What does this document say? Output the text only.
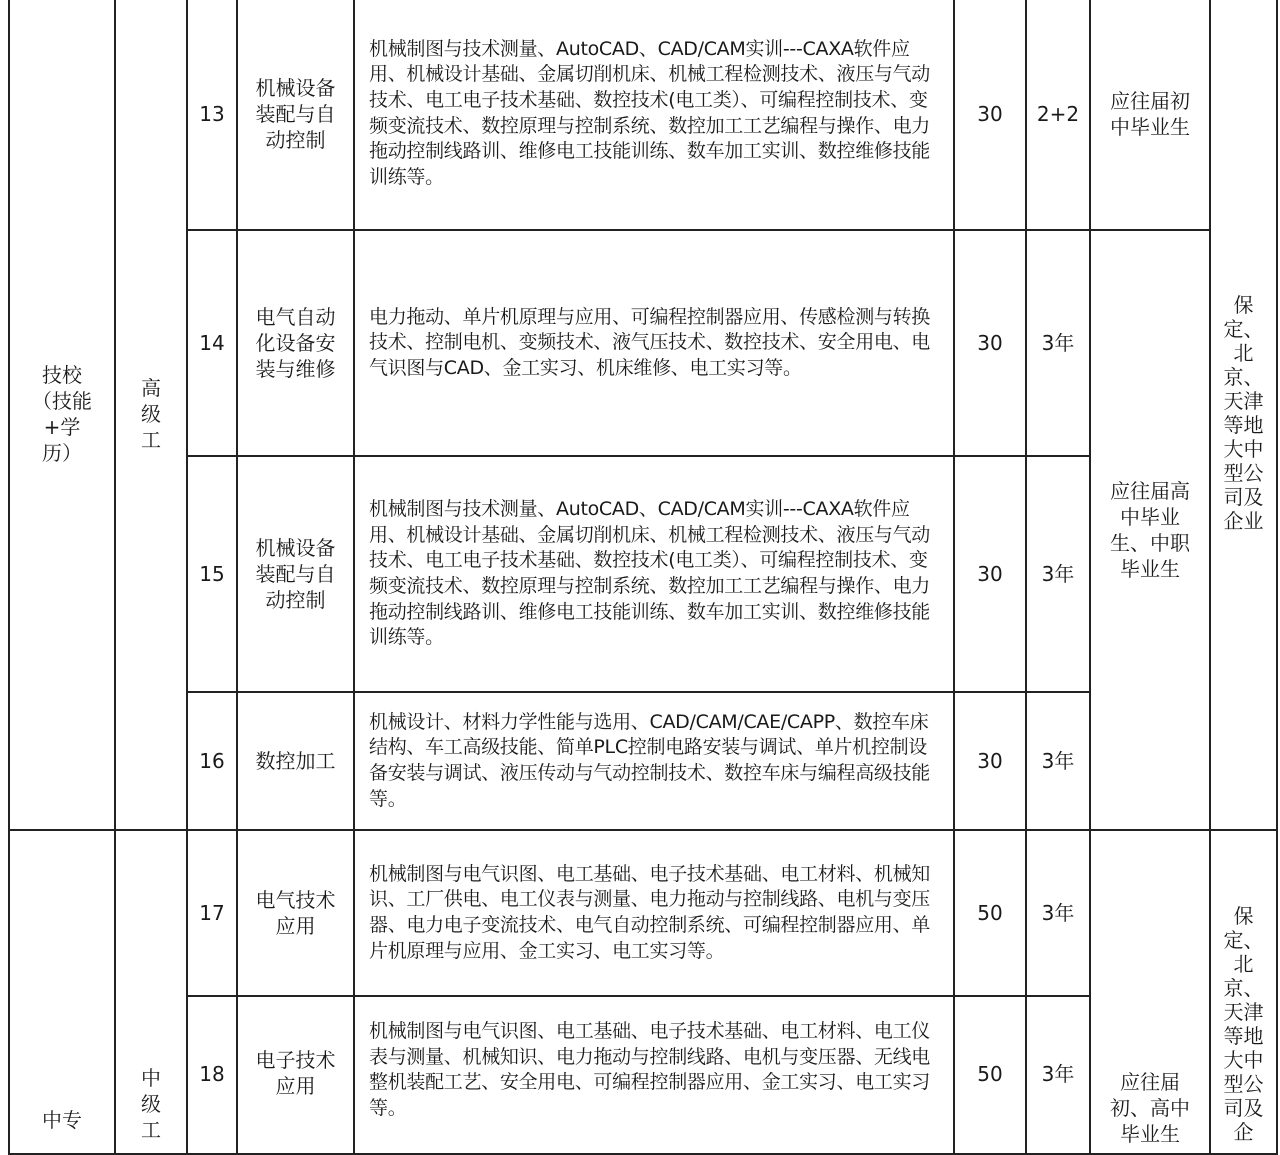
技校（技能+学历）	高级工	13	机械设备装配与自动控制	机械制图与技术测量、AutoCAD、CAD/CAM实训---CAXA软件应用、机械设计基础、金属切削机床、机械工程检测技术、液压与气动技术、电工电子技术基础、数控技术(电工类）、可编程控制技术、变频变流技术、数控原理与控制系统、数控加工工艺编程与操作、电力拖动控制线路训、维修电工技能训练、数车加工实训、数控维修技能训练等。	30	2+2	应往届初中毕业生	保定、北京、天津等地大中型公司及企业
		14	电气自动化设备安装与维修	电力拖动、单片机原理与应用、可编程控制器应用、传感检测与转换技术、控制电机、变频技术、液气压技术、数控技术、安全用电、电气识图与CAD、金工实习、机床维修、电工实习等。	30	3年	应往届高中毕业生、中职毕业生	
		15	机械设备装配与自动控制	机械制图与技术测量、AutoCAD、CAD/CAM实训---CAXA软件应用、机械设计基础、金属切削机床、机械工程检测技术、液压与气动技术、电工电子技术基础、数控技术(电工类）、可编程控制技术、变频变流技术、数控原理与控制系统、数控加工工艺编程与操作、电力拖动控制线路训、维修电工技能训练、数车加工实训、数控维修技能训练等。	30	3年		
		16	数控加工	机械设计、材料力学性能与选用、CAD/CAM/CAE/CAPP、数控车床结构、车工高级技能、简单PLC控制电路安装与调试、单片机控制设备安装与调试、液压传动与气动控制技术、数控车床与编程高级技能等。	30	3年		
中专	中级工	17	电气技术应用	机械制图与电气识图、电工基础、电子技术基础、电工材料、机械知识、工厂供电、电工仪表与测量、电力拖动与控制线路、电机与变压器、电力电子变流技术、电气自动控制系统、可编程控制器应用、单片机原理与应用、金工实习、电工实习等。	50	3年	应往届初、高中毕业生	保定、北京、天津等地大中型公司及企
		18	电子技术应用	机械制图与电气识图、电工基础、电子技术基础、电工材料、电工仪表与测量、机械知识、电力拖动与控制线路、电机与变压器、无线电整机装配工艺、安全用电、可编程控制器应用、金工实习、电工实习等。	50	3年		
